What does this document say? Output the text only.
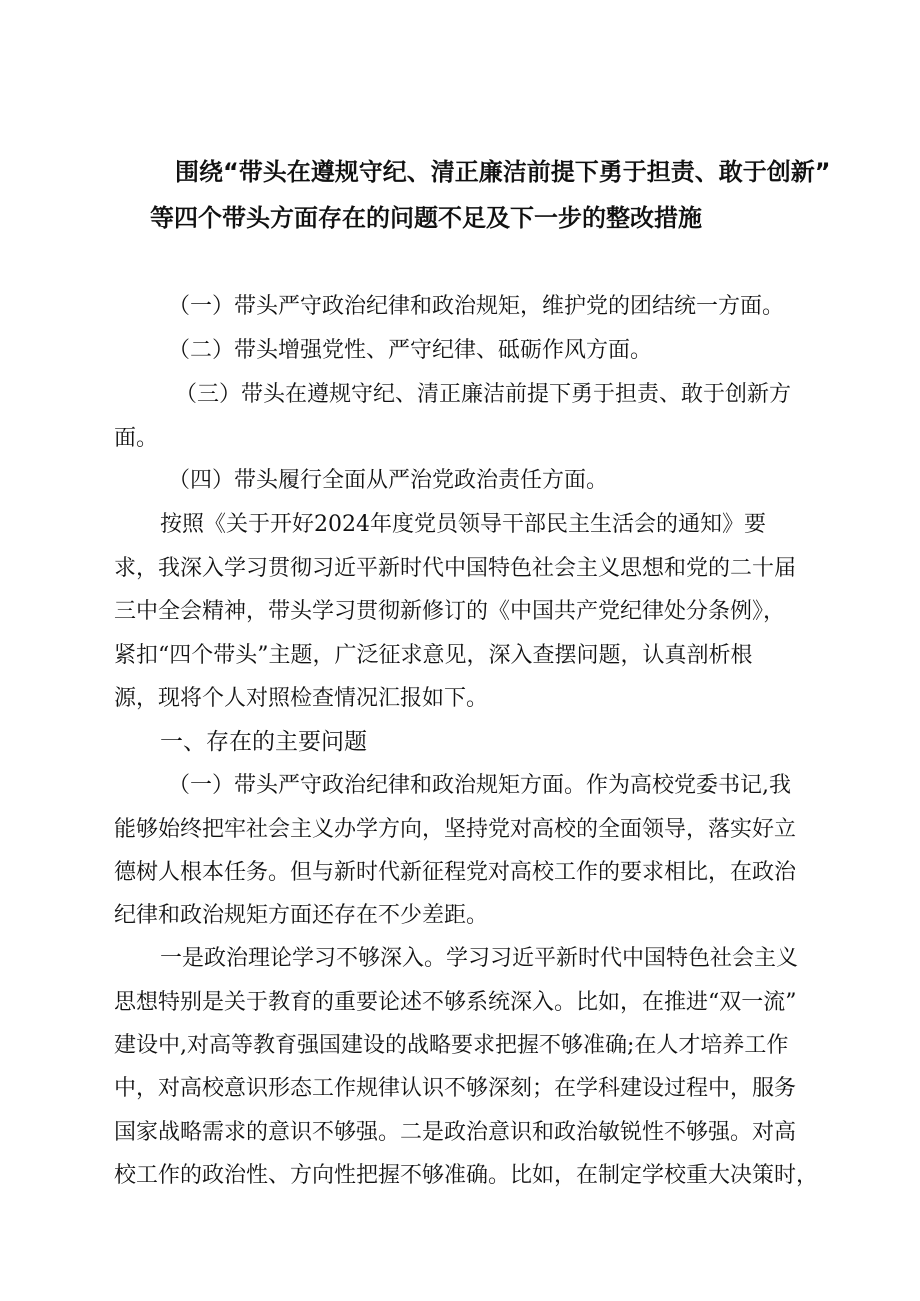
围绕“带头在遵规守纪、清正廉洁前提下勇于担责、敢于创新”
等四个带头方面存在的问题不足及下一步的整改措施
（一）带头严守政治纪律和政治规矩，维护党的团结统一方面。
（二）带头增强党性、严守纪律、砥砺作风方面。
（三）带头在遵规守纪、清正廉洁前提下勇于担责、敢于创新方
面。
（四）带头履行全面从严治党政治责任方面。
按照《关于开好2024年度党员领导干部民主生活会的通知》要
求，我深入学习贯彻习近平新时代中国特色社会主义思想和党的二十届
三中全会精神，带头学习贯彻新修订的《中国共产党纪律处分条例》，
紧扣“四个带头”主题，广泛征求意见，深入查摆问题，认真剖析根
源，现将个人对照检查情况汇报如下。
一、存在的主要问题
（一）带头严守政治纪律和政治规矩方面。作为高校党委书记,我
能够始终把牢社会主义办学方向，坚持党对高校的全面领导，落实好立
德树人根本任务。但与新时代新征程党对高校工作的要求相比，在政治
纪律和政治规矩方面还存在不少差距。
一是政治理论学习不够深入。学习习近平新时代中国特色社会主义
思想特别是关于教育的重要论述不够系统深入。比如，在推进“双一流”
建设中,对高等教育强国建设的战略要求把握不够准确;在人才培养工作
中，对高校意识形态工作规律认识不够深刻；在学科建设过程中，服务
国家战略需求的意识不够强。二是政治意识和政治敏锐性不够强。对高
校工作的政治性、方向性把握不够准确。比如，在制定学校重大决策时，
